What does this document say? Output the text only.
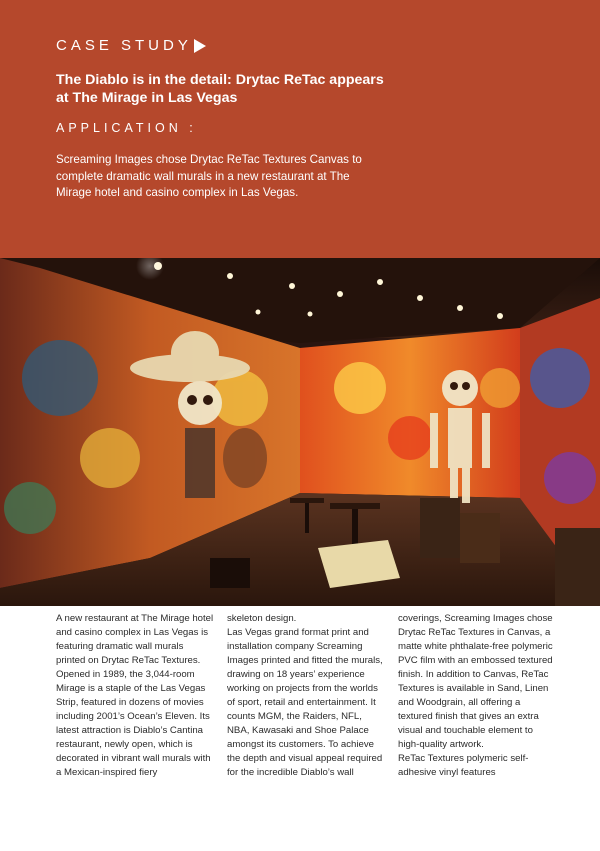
CASE STUDY
The Diablo is in the detail: Drytac ReTac appears at The Mirage in Las Vegas
APPLICATION :

Screaming Images chose Drytac ReTac Textures Canvas to complete dramatic wall murals in a new restaurant at The Mirage hotel and casino complex in Las Vegas.

A new restaurant at The Mirage hotel and casino complex in Las Vegas is featuring dramatic wall murals printed on Drytac ReTac Textures.

Opened in 1989, the 3,044-room Mirage is a staple of the Las Vegas Strip, featured in dozens of movies including 2001’s Ocean’s Eleven. Its latest attraction is Diablo’s Cantina restaurant, newly open, which is decorated in vibrant wall murals with a Mexican-inspired fiery

skeleton design.

Las Vegas grand format print and installation company Screaming Images printed and fitted the murals, drawing on 18 years’ experience working on projects from the worlds of sport, retail and entertainment. It counts MGM, the Raiders, NFL, NBA, Kawasaki and Shoe Palace amongst its customers. To achieve the depth and visual appeal required for the incredible Diablo’s wall

coverings, Screaming Images chose Drytac ReTac Textures in Canvas, a matte white phthalate-free polymeric PVC film with an embossed textured finish. In addition to Canvas, ReTac Textures is available in Sand, Linen and Woodgrain, all offering a textured finish that gives an extra visual and touchable element to high-quality artwork.

ReTac Textures polymeric self-adhesive vinyl features
